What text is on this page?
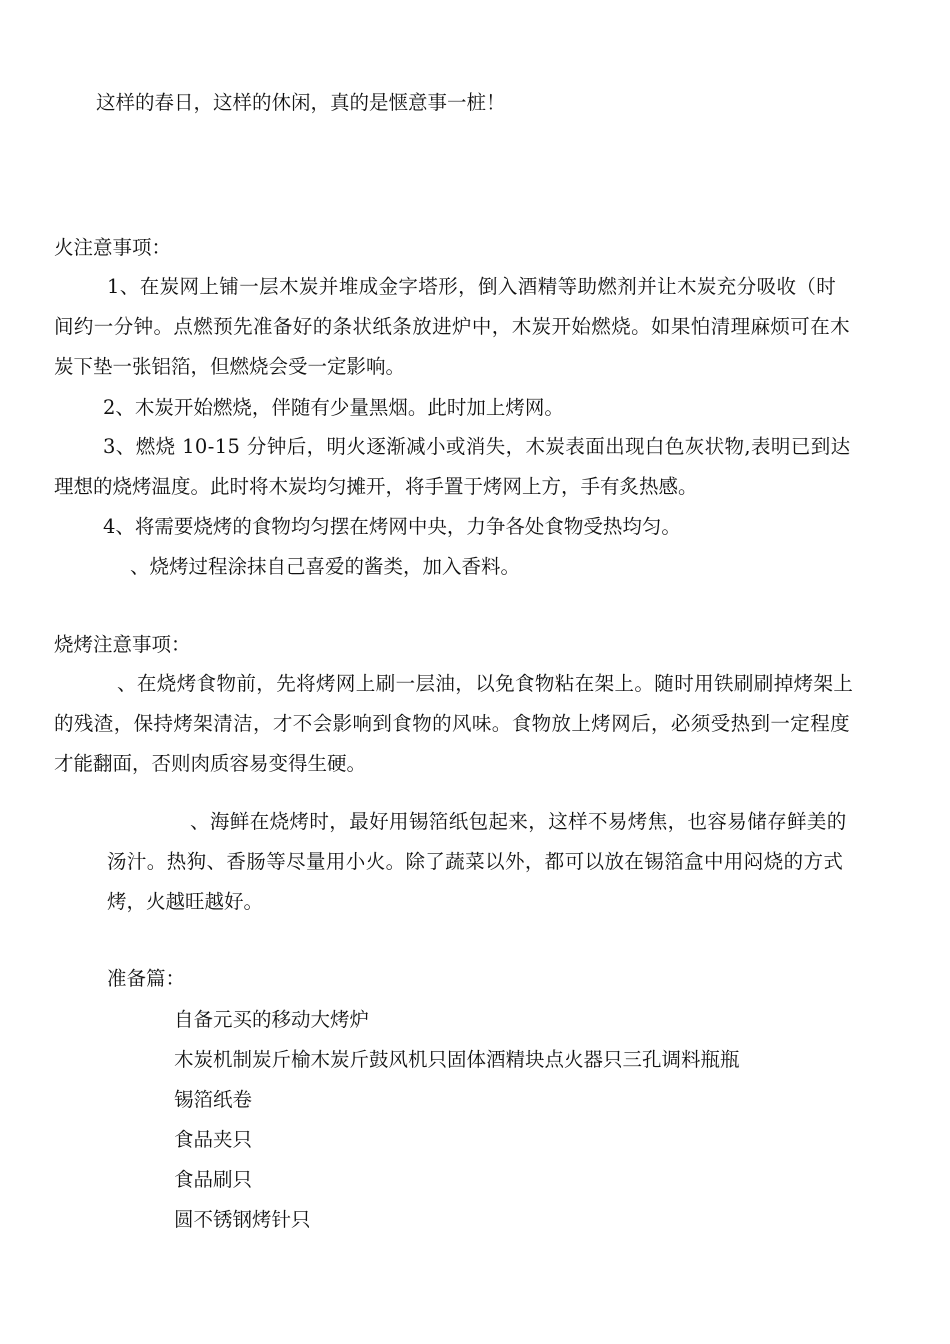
这样的春日，这样的休闲，真的是惬意事一桩！

火注意事项：

1、在炭网上铺一层木炭并堆成金字塔形，倒入酒精等助燃剂并让木炭充分吸收（时

间约一分钟。点燃预先准备好的条状纸条放进炉中，木炭开始燃烧。如果怕清理麻烦可在木

炭下垫一张铝箔，但燃烧会受一定影响。

2、木炭开始燃烧，伴随有少量黑烟。此时加上烤网。

3、燃烧 10-15 分钟后，明火逐渐减小或消失，木炭表面出现白色灰状物,表明已到达

理想的烧烤温度。此时将木炭均匀摊开，将手置于烤网上方，手有炙热感。

4、将需要烧烤的食物均匀摆在烤网中央，力争各处食物受热均匀。

、烧烤过程涂抹自己喜爱的酱类，加入香料。

烧烤注意事项：

、在烧烤食物前，先将烤网上刷一层油，以免食物粘在架上。随时用铁刷刷掉烤架上

的残渣，保持烤架清洁，才不会影响到食物的风味。食物放上烤网后，必须受热到一定程度

才能翻面，否则肉质容易变得生硬。

、海鲜在烧烤时，最好用锡箔纸包起来，这样不易烤焦，也容易储存鲜美的

汤汁。热狗、香肠等尽量用小火。除了蔬菜以外，都可以放在锡箔盒中用闷烧的方式

烤，火越旺越好。

准备篇：

自备元买的移动大烤炉

木炭机制炭斤榆木炭斤鼓风机只固体酒精块点火器只三孔调料瓶瓶

锡箔纸卷

食品夹只

食品刷只

圆不锈钢烤针只
